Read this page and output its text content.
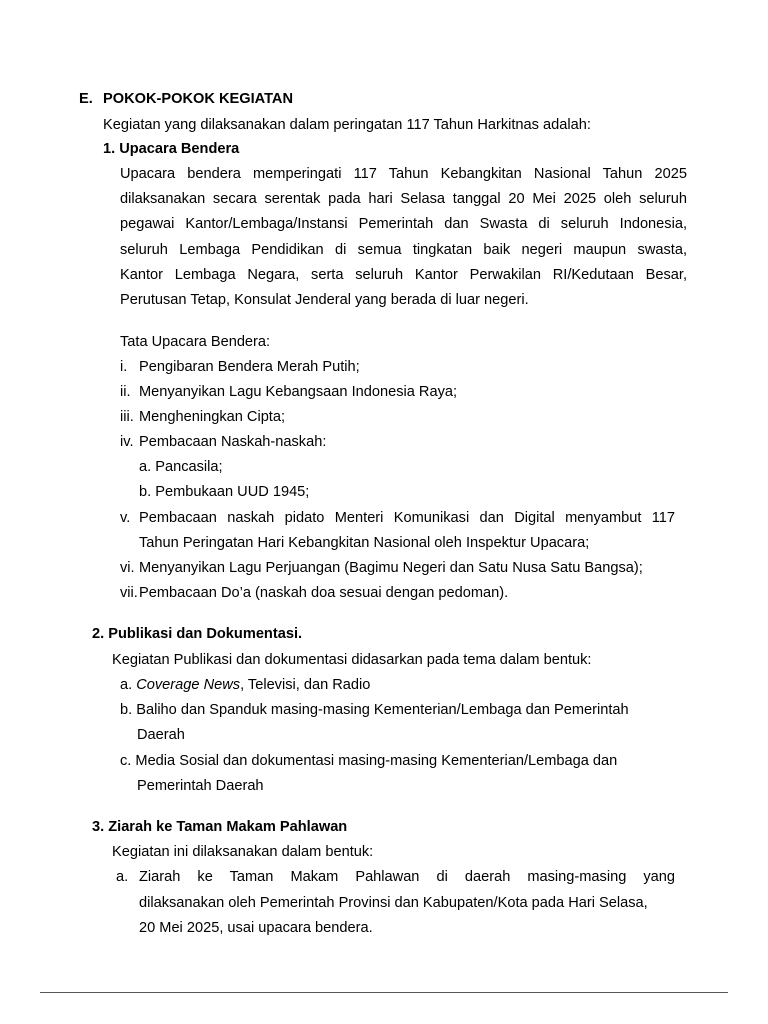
E. POKOK-POKOK KEGIATAN
Kegiatan yang dilaksanakan dalam peringatan 117 Tahun Harkitnas adalah:
1. Upacara Bendera
Upacara bendera memperingati 117 Tahun Kebangkitan Nasional Tahun 2025
dilaksanakan secara serentak pada hari Selasa tanggal 20 Mei 2025 oleh seluruh
pegawai Kantor/Lembaga/Instansi Pemerintah dan Swasta di seluruh Indonesia,
seluruh Lembaga Pendidikan di semua tingkatan baik negeri maupun swasta,
Kantor Lembaga Negara, serta seluruh Kantor Perwakilan RI/Kedutaan Besar,
Perutusan Tetap, Konsulat Jenderal yang berada di luar negeri.
Tata Upacara Bendera:
i. Pengibaran Bendera Merah Putih;
ii. Menyanyikan Lagu Kebangsaan Indonesia Raya;
iii. Mengheningkan Cipta;
iv. Pembacaan Naskah-naskah:
a. Pancasila;
b. Pembukaan UUD 1945;
v. Pembacaan naskah pidato Menteri Komunikasi dan Digital menyambut 117
Tahun Peringatan Hari Kebangkitan Nasional oleh Inspektur Upacara;
vi. Menyanyikan Lagu Perjuangan (Bagimu Negeri dan Satu Nusa Satu Bangsa);
vii. Pembacaan Do’a (naskah doa sesuai dengan pedoman).
2. Publikasi dan Dokumentasi.
Kegiatan Publikasi dan dokumentasi didasarkan pada tema dalam bentuk:
a. Coverage News, Televisi, dan Radio
b. Baliho dan Spanduk masing-masing Kementerian/Lembaga dan Pemerintah
Daerah
c. Media Sosial dan dokumentasi masing-masing Kementerian/Lembaga dan
Pemerintah Daerah
3. Ziarah ke Taman Makam Pahlawan
Kegiatan ini dilaksanakan dalam bentuk:
a. Ziarah ke Taman Makam Pahlawan di daerah masing-masing yang
dilaksanakan oleh Pemerintah Provinsi dan Kabupaten/Kota pada Hari Selasa,
20 Mei 2025, usai upacara bendera.
